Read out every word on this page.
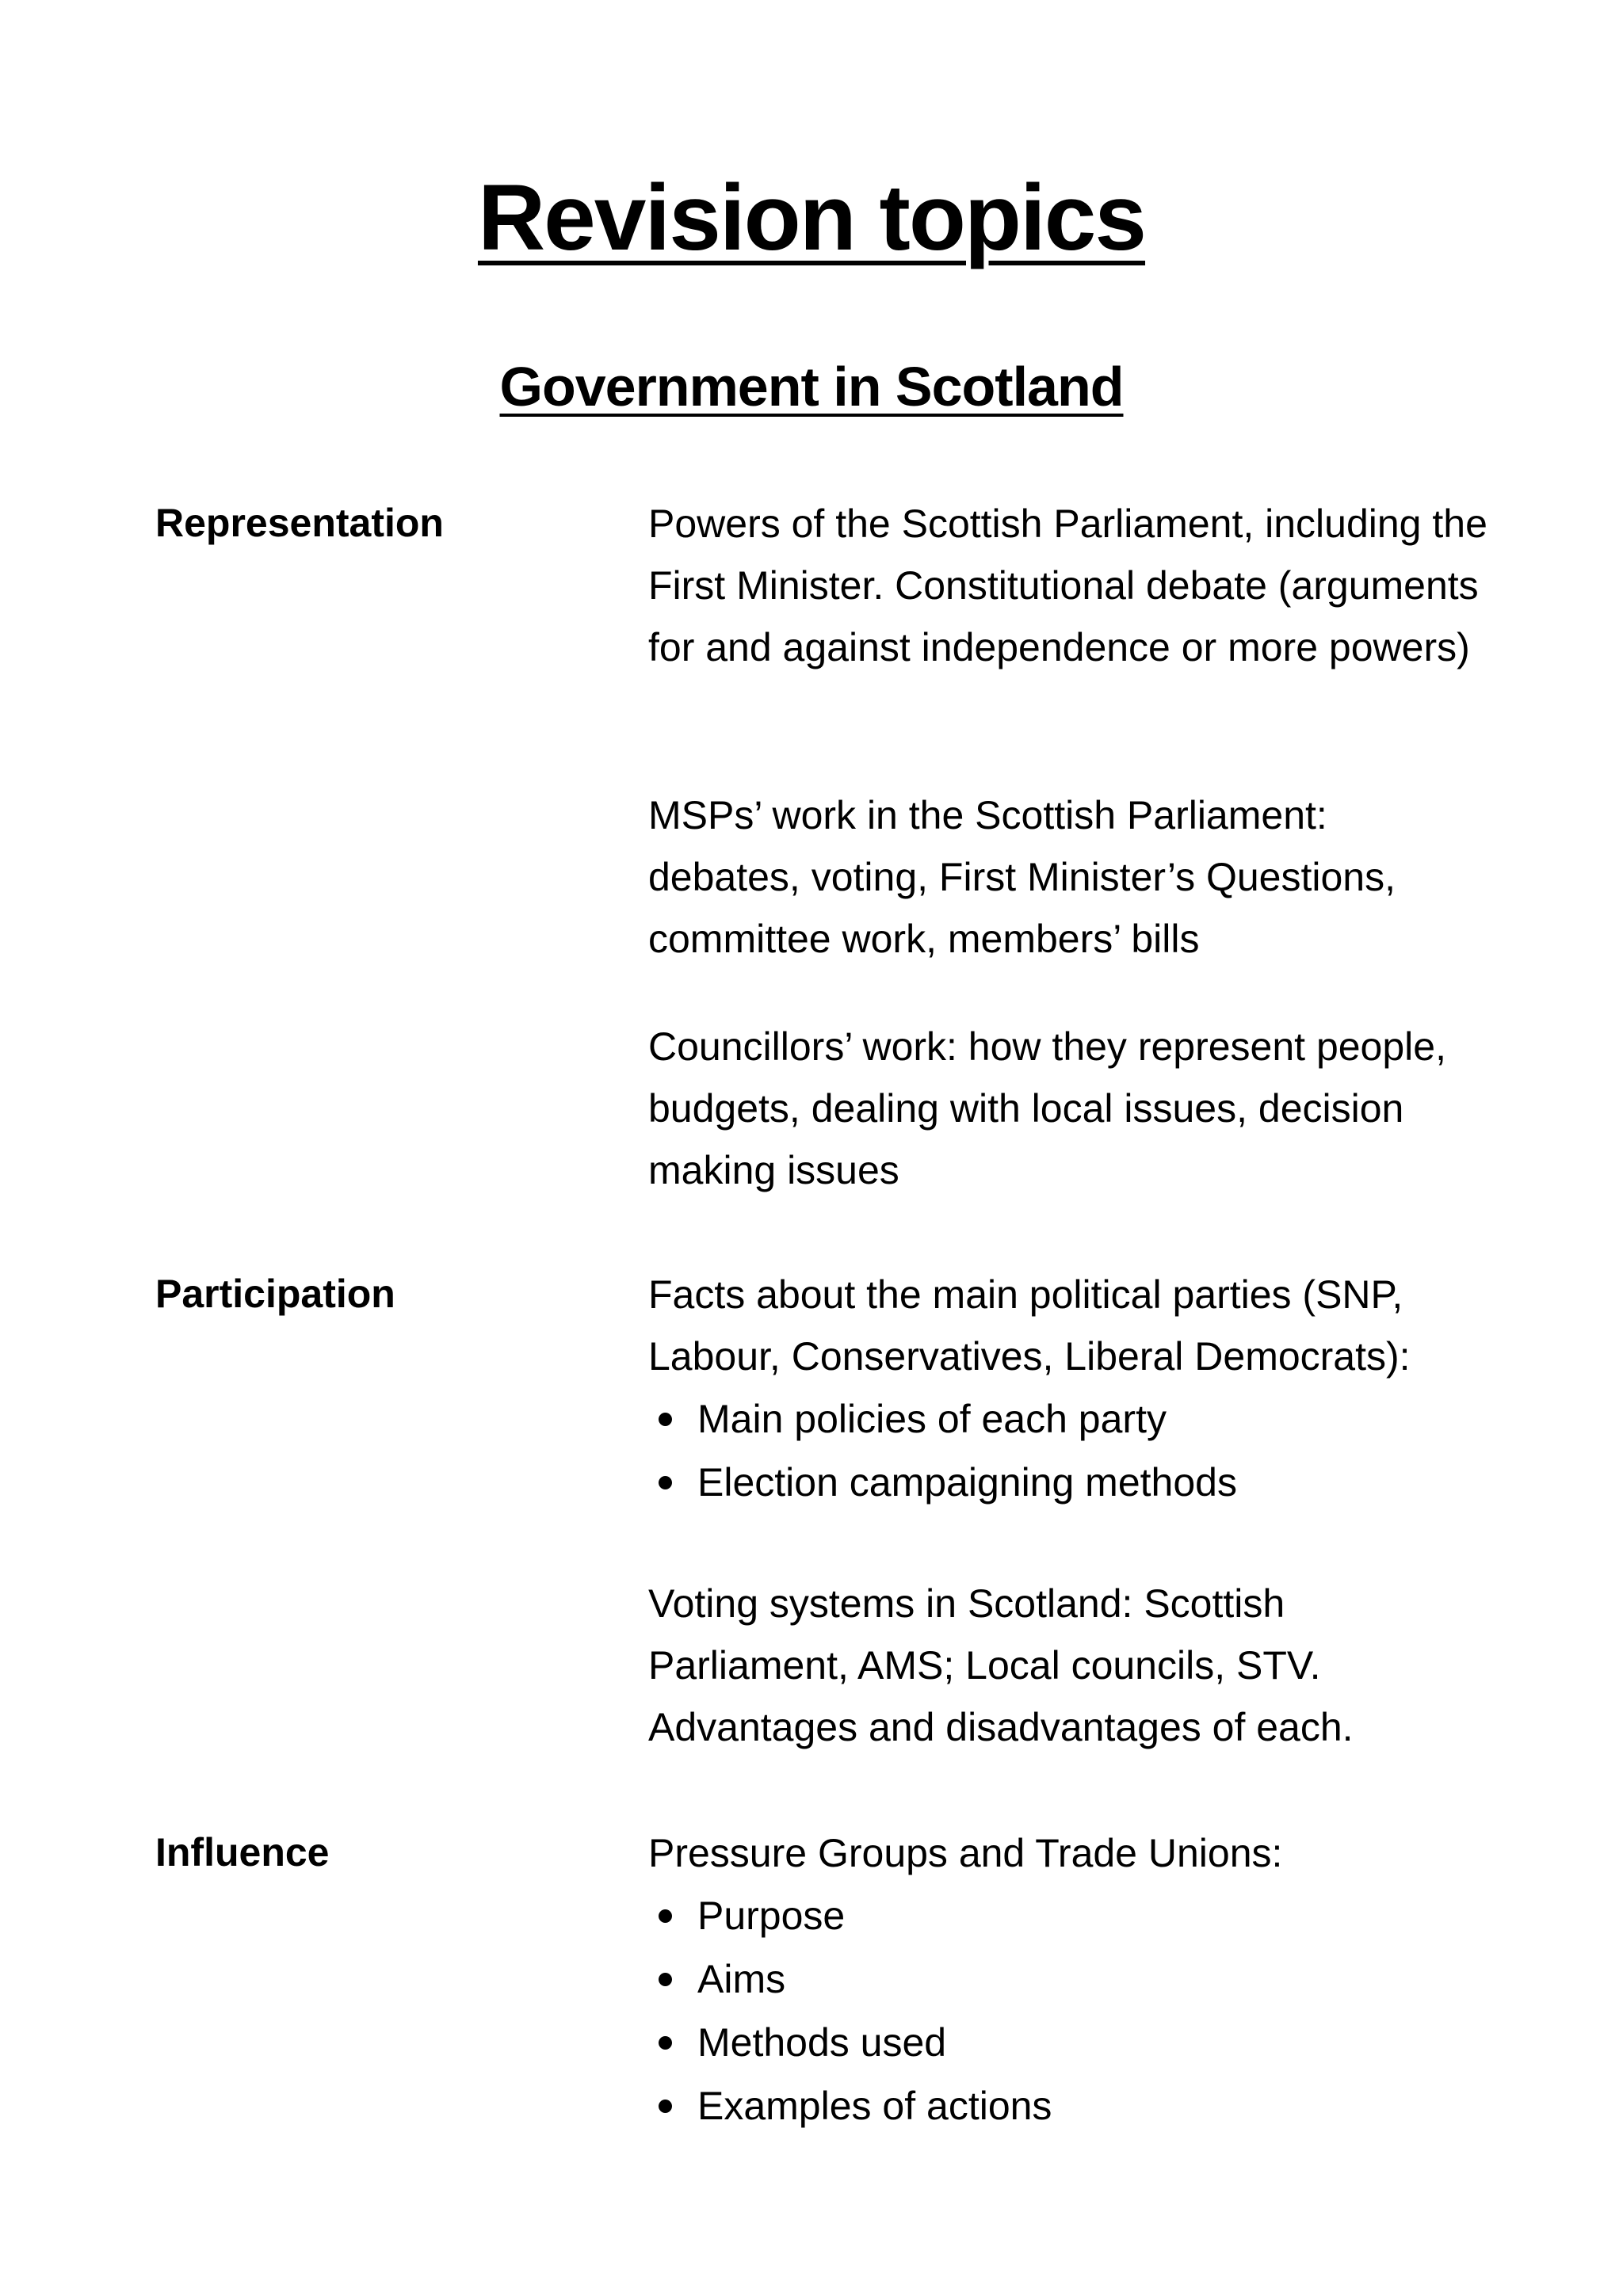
Revision topics
Government in Scotland
Representation	Powers of the Scottish Parliament, including the First Minister. Constitutional debate (arguments for and against independence or more powers)

MSPs’ work in the Scottish Parliament: debates, voting, First Minister’s Questions, committee work, members’ bills

Councillors’ work: how they represent people, budgets, dealing with local issues, decision making issues

Participation	Facts about the main political parties (SNP, Labour, Conservatives, Liberal Democrats):

Main policies of each party
Election campaigning methods

Voting systems in Scotland: Scottish Parliament, AMS; Local councils, STV. Advantages and disadvantages of each.

Influence	Pressure Groups and Trade Unions:

Purpose
Aims
Methods used
Examples of actions
